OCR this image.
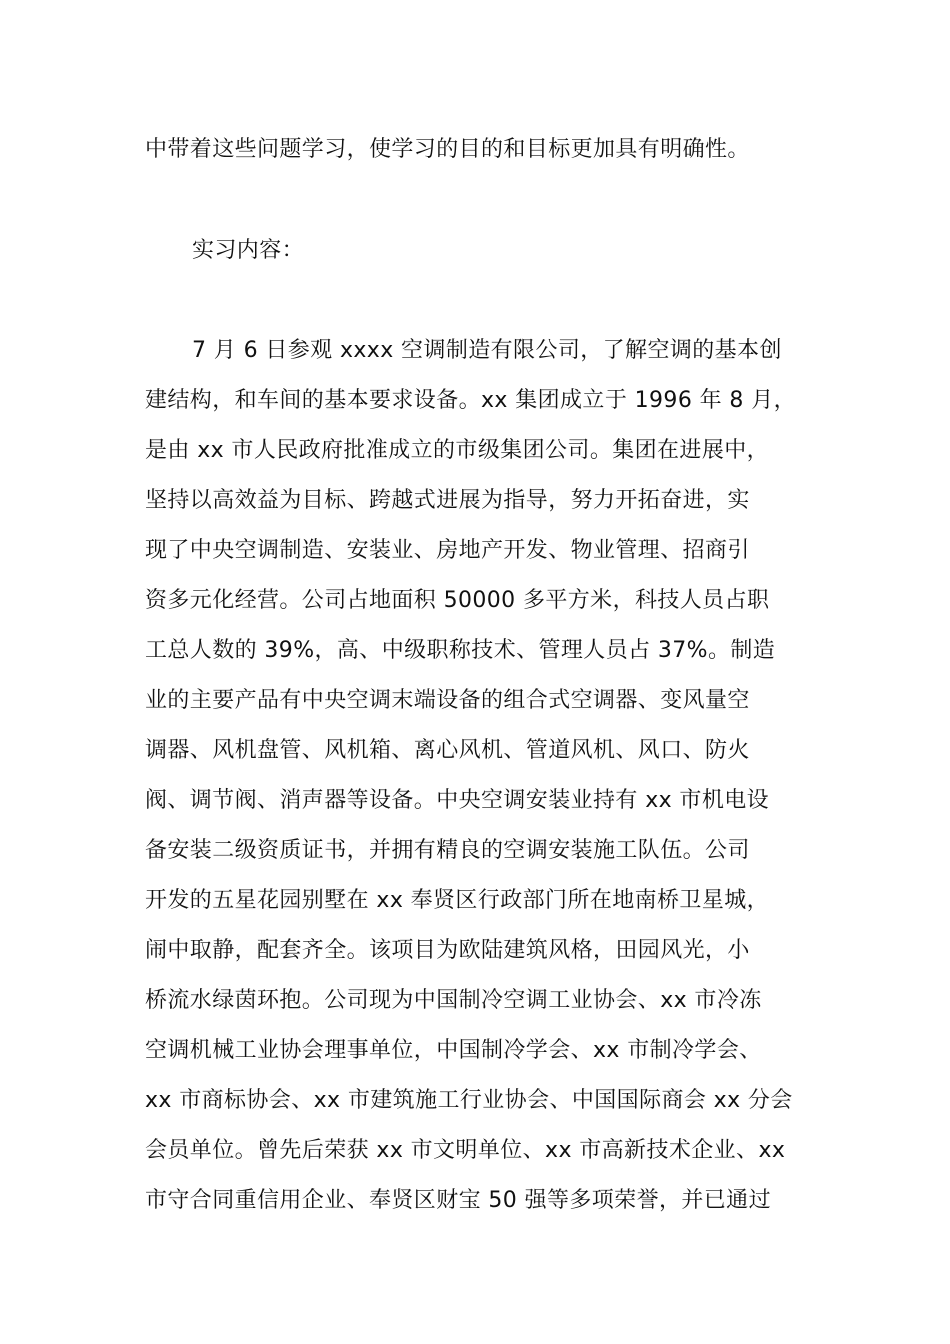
中带着这些问题学习，使学习的目的和目标更加具有明确性。
实习内容：
7 月 6 日参观 xxxx 空调制造有限公司，了解空调的基本创
建结构，和车间的基本要求设备。xx 集团成立于 1996 年 8 月，
是由 xx 市人民政府批准成立的市级集团公司。集团在进展中，
坚持以高效益为目标、跨越式进展为指导，努力开拓奋进，实
现了中央空调制造、安装业、房地产开发、物业管理、招商引
资多元化经营。公司占地面积 50000 多平方米，科技人员占职
工总人数的 39%，高、中级职称技术、管理人员占 37%。制造
业的主要产品有中央空调末端设备的组合式空调器、变风量空
调器、风机盘管、风机箱、离心风机、管道风机、风口、防火
阀、调节阀、消声器等设备。中央空调安装业持有 xx 市机电设
备安装二级资质证书，并拥有精良的空调安装施工队伍。公司
开发的五星花园别墅在 xx 奉贤区行政部门所在地南桥卫星城，
闹中取静，配套齐全。该项目为欧陆建筑风格，田园风光，小
桥流水绿茵环抱。公司现为中国制冷空调工业协会、xx 市冷冻
空调机械工业协会理事单位，中国制冷学会、xx 市制冷学会、
xx 市商标协会、xx 市建筑施工行业协会、中国国际商会 xx 分会
会员单位。曾先后荣获 xx 市文明单位、xx 市高新技术企业、xx
市守合同重信用企业、奉贤区财宝 50 强等多项荣誉，并已通过
